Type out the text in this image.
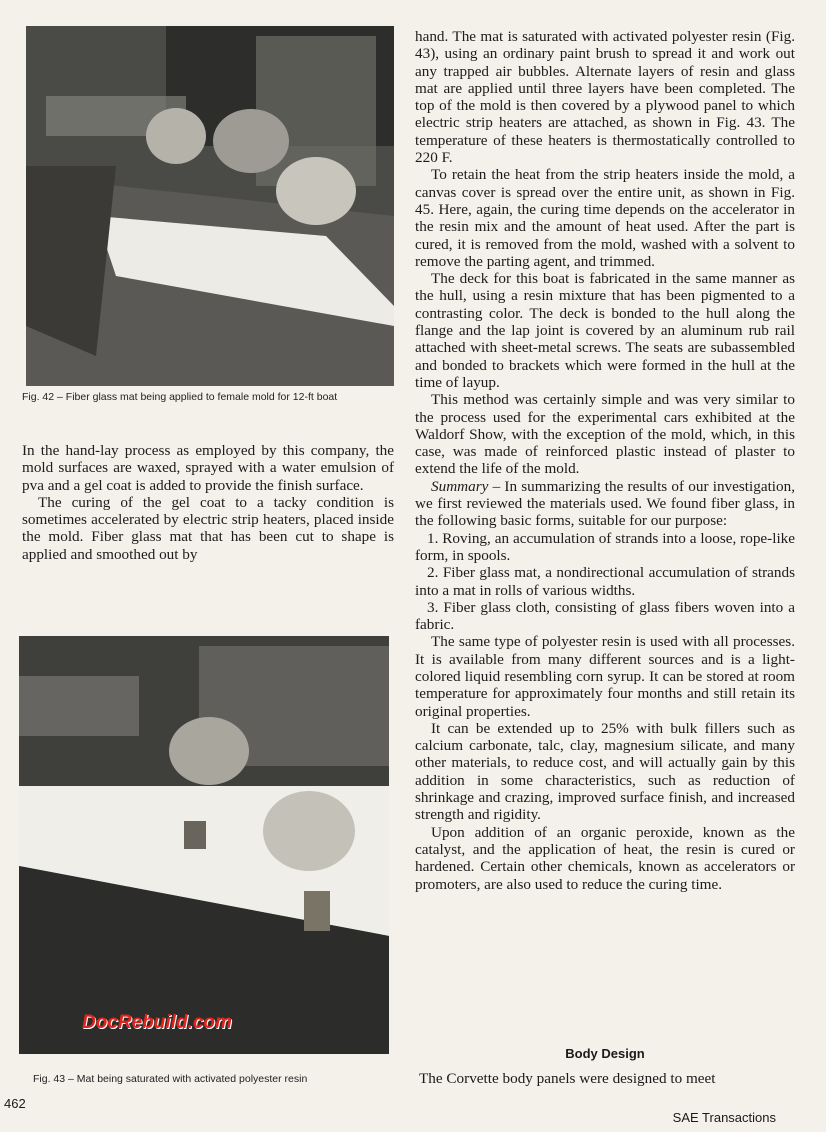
Fig. 42 – Fiber glass mat being applied to female mold for 12-ft boat
Fig. 43 – Mat being saturated with activated polyester resin
DocRebuild.com

In the hand-lay process as employed by this company, the mold surfaces are waxed, sprayed with a water emulsion of pva and a gel coat is added to provide the finish surface.

The curing of the gel coat to a tacky condition is sometimes accelerated by electric strip heaters, placed inside the mold. Fiber glass mat that has been cut to shape is applied and smoothed out by

hand. The mat is saturated with activated polyester resin (Fig. 43), using an ordinary paint brush to spread it and work out any trapped air bubbles. Alternate layers of resin and glass mat are applied until three layers have been completed. The top of the mold is then covered by a plywood panel to which electric strip heaters are attached, as shown in Fig. 43. The temperature of these heaters is thermostatically controlled to 220 F.

To retain the heat from the strip heaters inside the mold, a canvas cover is spread over the entire unit, as shown in Fig. 45. Here, again, the curing time depends on the accelerator in the resin mix and the amount of heat used. After the part is cured, it is removed from the mold, washed with a solvent to remove the parting agent, and trimmed.

The deck for this boat is fabricated in the same manner as the hull, using a resin mixture that has been pigmented to a contrasting color. The deck is bonded to the hull along the flange and the lap joint is covered by an aluminum rub rail attached with sheet-metal screws. The seats are subassembled and bonded to brackets which were formed in the hull at the time of layup.

This method was certainly simple and was very similar to the process used for the experimental cars exhibited at the Waldorf Show, with the exception of the mold, which, in this case, was made of reinforced plastic instead of plaster to extend the life of the mold.

Summary – In summarizing the results of our investigation, we first reviewed the materials used. We found fiber glass, in the following basic forms, suitable for our purpose:

1. Roving, an accumulation of strands into a loose, rope-like form, in spools.

2. Fiber glass mat, a nondirectional accumulation of strands into a mat in rolls of various widths.

3. Fiber glass cloth, consisting of glass fibers woven into a fabric.

The same type of polyester resin is used with all processes. It is available from many different sources and is a light-colored liquid resembling corn syrup. It can be stored at room temperature for approximately four months and still retain its original properties.

It can be extended up to 25% with bulk fillers such as calcium carbonate, talc, clay, magnesium silicate, and many other materials, to reduce cost, and will actually gain by this addition in some characteristics, such as reduction of shrinkage and crazing, improved surface finish, and increased strength and rigidity.

Upon addition of an organic peroxide, known as the catalyst, and the application of heat, the resin is cured or hardened. Certain other chemicals, known as accelerators or promoters, are also used to reduce the curing time.

Body Design
The Corvette body panels were designed to meet
462
SAE Transactions
